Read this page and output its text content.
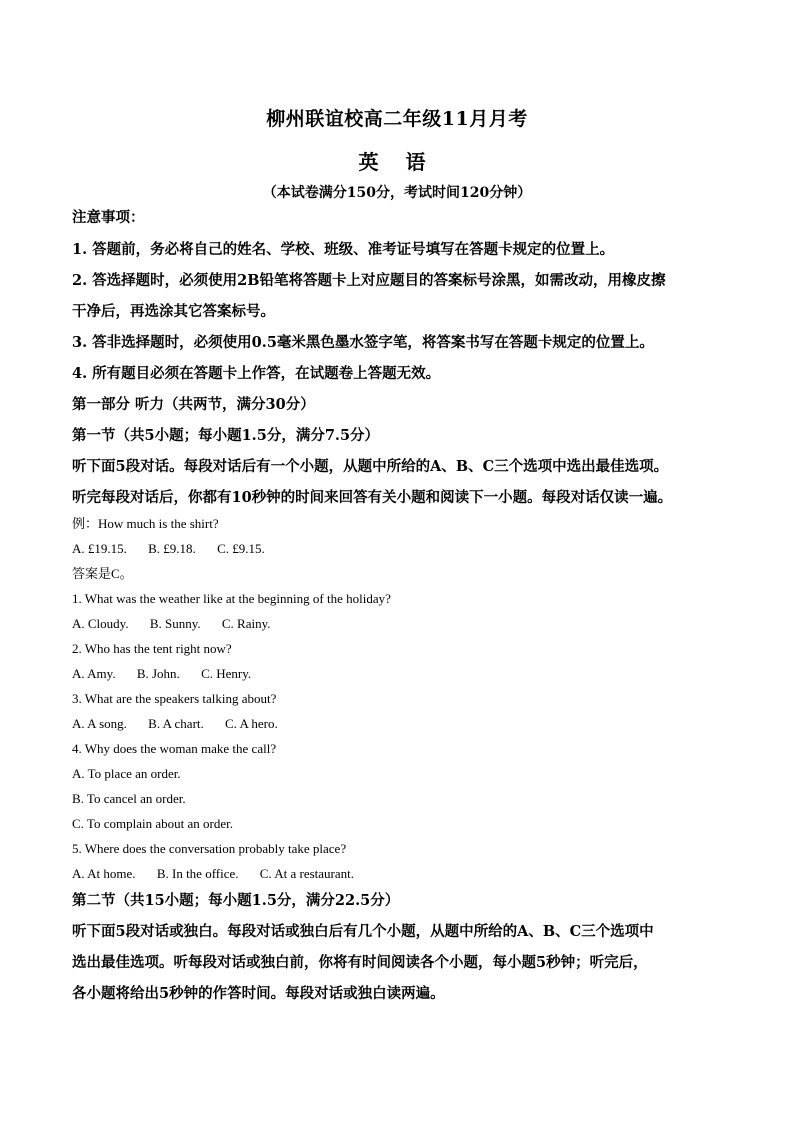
柳州联谊校高二年级11月月考
英 语
（本试卷满分150分，考试时间120分钟）
注意事项：
1. 答题前，务必将自己的姓名、学校、班级、准考证号填写在答题卡规定的位置上。
2. 答选择题时，必须使用2B铅笔将答题卡上对应题目的答案标号涂黑，如需改动，用橡皮擦
干净后，再选涂其它答案标号。
3. 答非选择题时，必须使用0.5毫米黑色墨水签字笔，将答案书写在答题卡规定的位置上。
4. 所有题目必须在答题卡上作答，在试题卷上答题无效。
第一部分 听力（共两节，满分30分）
第一节（共5小题；每小题1.5分，满分7.5分）
听下面5段对话。每段对话后有一个小题，从题中所给的A、B、C三个选项中选出最佳选项。
听完每段对话后，你都有10秒钟的时间来回答有关小题和阅读下一小题。每段对话仅读一遍。
例：How much is the shirt?
A. £19.15. B. £9.18. C. £9.15.
答案是C。
1. What was the weather like at the beginning of the holiday?
A. Cloudy. B. Sunny. C. Rainy.
2. Who has the tent right now?
A. Amy. B. John. C. Henry.
3. What are the speakers talking about?
A. A song. B. A chart. C. A hero.
4. Why does the woman make the call?
A. To place an order.
B. To cancel an order.
C. To complain about an order.
5. Where does the conversation probably take place?
A. At home. B. In the office. C. At a restaurant.
第二节（共15小题；每小题1.5分，满分22.5分）
听下面5段对话或独白。每段对话或独白后有几个小题，从题中所给的A、B、C三个选项中
选出最佳选项。听每段对话或独白前，你将有时间阅读各个小题，每小题5秒钟；听完后，
各小题将给出5秒钟的作答时间。每段对话或独白读两遍。
